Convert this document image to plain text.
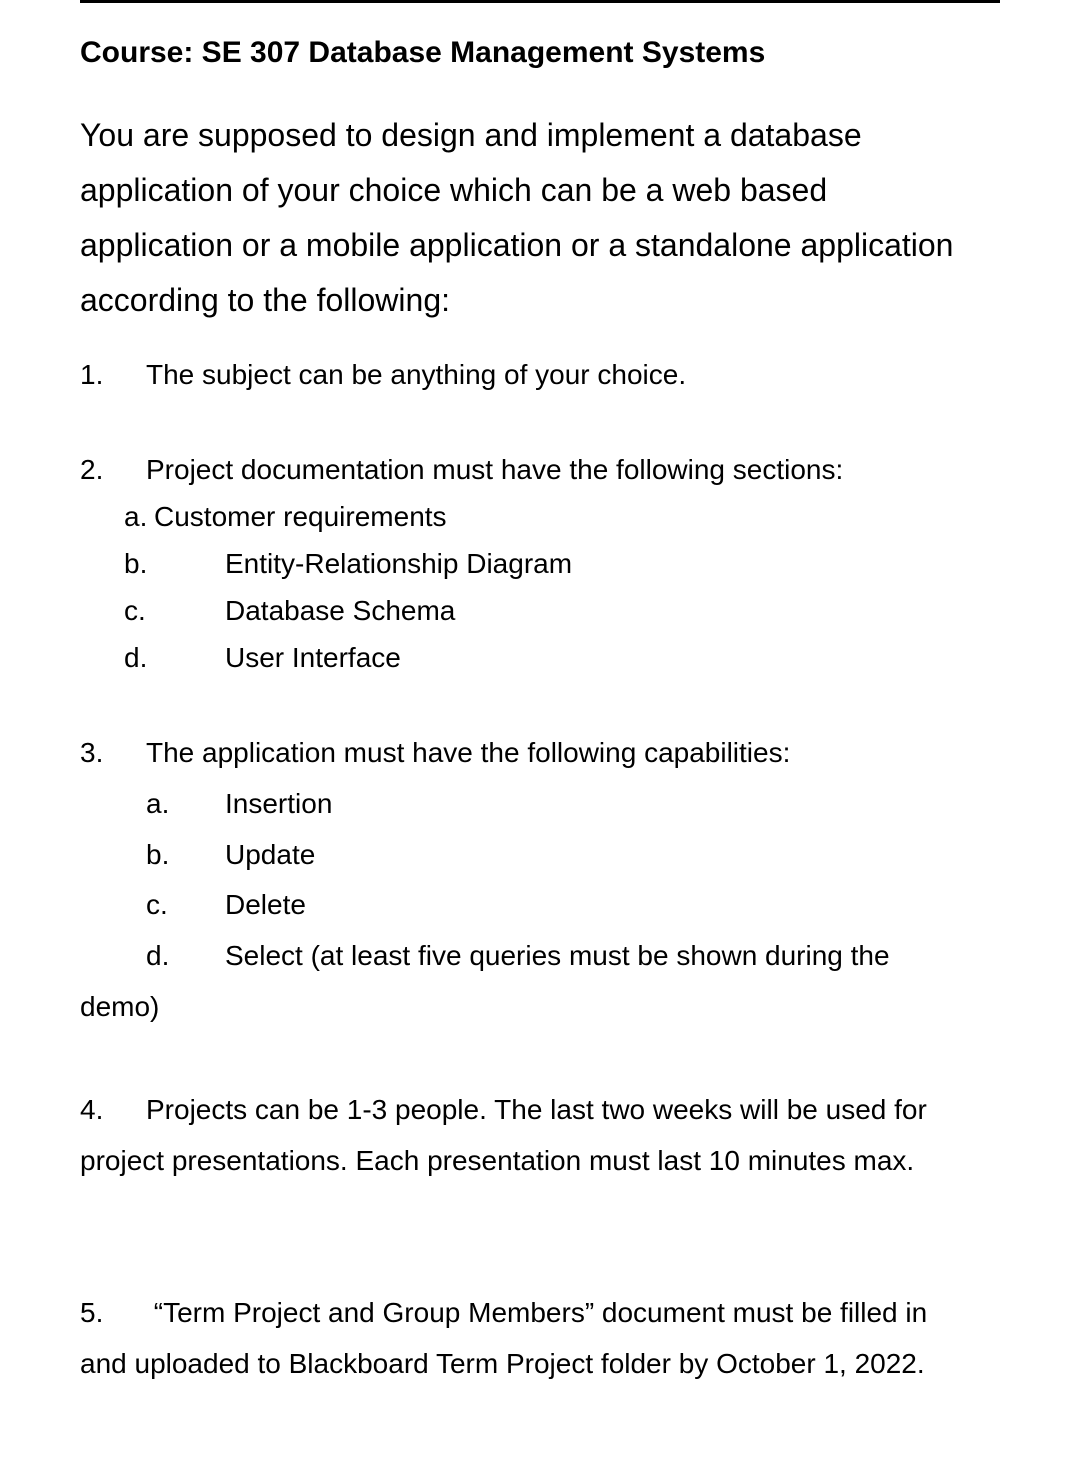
Course: SE 307 Database Management Systems

You are supposed to design and implement a database application of your choice which can be a web based application or a mobile application or a standalone application according to the following:

1. The subject can be anything of your choice.
2. Project documentation must have the following sections:
a. Customer requirements
b.	Entity-Relationship Diagram
c.	Database Schema
d.	User Interface
3. The application must have the following capabilities:
a. Insertion
b. Update
c. Delete
d. Select (at least five queries must be shown during the
demo)

4. Projects can be 1-3 people. The last two weeks will be used for project presentations. Each presentation must last 10 minutes max.

5. “Term Project and Group Members” document must be filled in and uploaded to Blackboard Term Project folder by October 1, 2022.
